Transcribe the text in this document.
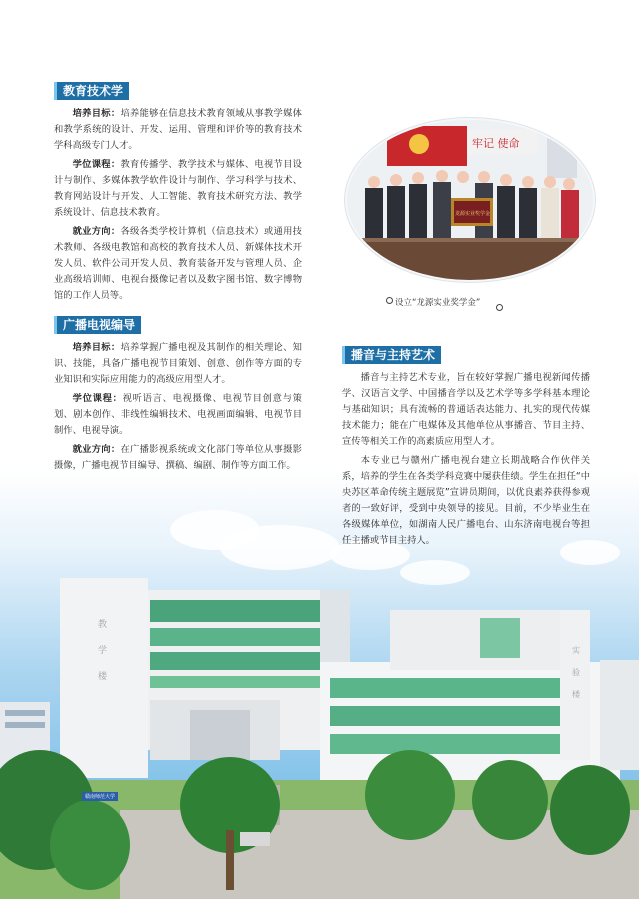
教
学
楼
实
验
楼
赣南师范大学
教育技术学

培养目标：培养能够在信息技术教育领域从事教学媒体和教学系统的设计、开发、运用、管理和评价等的教育技术学科高级专门人才。

学位课程：教育传播学、教学技术与媒体、电视节目设计与制作、多媒体教学软件设计与制作、学习科学与技术、教育网站设计与开发、人工智能、教育技术研究方法、教学系统设计、信息技术教育。

就业方向：各级各类学校计算机（信息技术）或通用技术教师、各级电教馆和高校的教育技术人员、新媒体技术开发人员、软件公司开发人员、教育装备开发与管理人员、企业高级培训师、电视台摄像记者以及数字图书馆、数字博物馆的工作人员等。

广播电视编导

培养目标：培养掌握广播电视及其制作的相关理论、知识、技能，具备广播电视节目策划、创意、创作等方面的专业知识和实际应用能力的高级应用型人才。

学位课程：视听语言、电视摄像、电视节目创意与策划、剧本创作、非线性编辑技术、电视画面编辑、电视节目制作、电视导演。

就业方向：在广播影视系统或文化部门等单位从事摄影摄像，广播电视节目编导、撰稿、编剧、制作等方面工作。

牢记 使命
龙源实业奖学金
设立“龙源实业奖学金”
播音与主持艺术

播音与主持艺术专业，旨在较好掌握广播电视新闻传播学、汉语言文学、中国播音学以及艺术学等多学科基本理论与基础知识；具有流畅的普通话表达能力、扎实的现代传媒技术能力；能在广电媒体及其他单位从事播音、节目主持、宣传等相关工作的高素质应用型人才。

本专业已与赣州广播电视台建立长期战略合作伙伴关系，培养的学生在各类学科竞赛中屡获佳绩。学生在担任“中央苏区革命传统主题展览”宣讲员期间，以优良素养获得参观者的一致好评，受到中央领导的接见。目前，不少毕业生在各级媒体单位，如湖南人民广播电台、山东济南电视台等担任主播或节目主持人。
